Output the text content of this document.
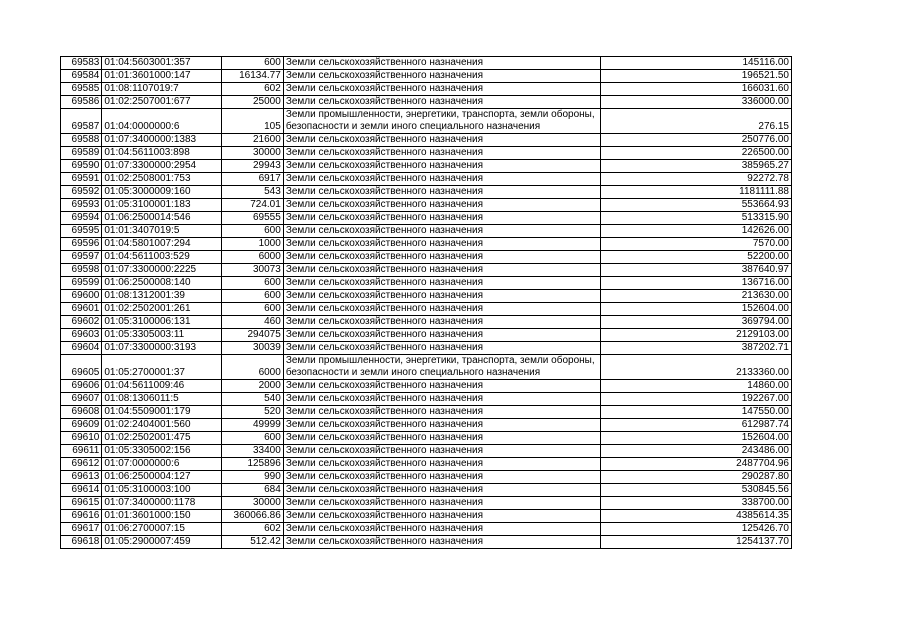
69583	01:04:5603001:357	600	Земли сельскохозяйственного назначения	145116.00
69584	01:01:3601000:147	16134.77	Земли сельскохозяйственного назначения	196521.50
69585	01:08:1107019:7	602	Земли сельскохозяйственного назначения	166031.60
69586	01:02:2507001:677	25000	Земли сельскохозяйственного назначения	336000.00
69587	01:04:0000000:6	105	Земли промышленности, энергетики, транспорта, земли обороны, безопасности и земли иного специального назначения	276.15
69588	01:07:3400000:1383	21600	Земли сельскохозяйственного назначения	250776.00
69589	01:04:5611003:898	30000	Земли сельскохозяйственного назначения	226500.00
69590	01:07:3300000:2954	29943	Земли сельскохозяйственного назначения	385965.27
69591	01:02:2508001:753	6917	Земли сельскохозяйственного назначения	92272.78
69592	01:05:3000009:160	543	Земли сельскохозяйственного назначения	1181111.88
69593	01:05:3100001:183	724.01	Земли сельскохозяйственного назначения	553664.93
69594	01:06:2500014:546	69555	Земли сельскохозяйственного назначения	513315.90
69595	01:01:3407019:5	600	Земли сельскохозяйственного назначения	142626.00
69596	01:04:5801007:294	1000	Земли сельскохозяйственного назначения	7570.00
69597	01:04:5611003:529	6000	Земли сельскохозяйственного назначения	52200.00
69598	01:07:3300000:2225	30073	Земли сельскохозяйственного назначения	387640.97
69599	01:06:2500008:140	600	Земли сельскохозяйственного назначения	136716.00
69600	01:08:1312001:39	600	Земли сельскохозяйственного назначения	213630.00
69601	01:02:2502001:261	600	Земли сельскохозяйственного назначения	152604.00
69602	01:05:3100006:131	460	Земли сельскохозяйственного назначения	369794.00
69603	01:05:3305003:11	294075	Земли сельскохозяйственного назначения	2129103.00
69604	01:07:3300000:3193	30039	Земли сельскохозяйственного назначения	387202.71
69605	01:05:2700001:37	6000	Земли промышленности, энергетики, транспорта, земли обороны, безопасности и земли иного специального назначения	2133360.00
69606	01:04:5611009:46	2000	Земли сельскохозяйственного назначения	14860.00
69607	01:08:1306011:5	540	Земли сельскохозяйственного назначения	192267.00
69608	01:04:5509001:179	520	Земли сельскохозяйственного назначения	147550.00
69609	01:02:2404001:560	49999	Земли сельскохозяйственного назначения	612987.74
69610	01:02:2502001:475	600	Земли сельскохозяйственного назначения	152604.00
69611	01:05:3305002:156	33400	Земли сельскохозяйственного назначения	243486.00
69612	01:07:0000000:6	125896	Земли сельскохозяйственного назначения	2487704.96
69613	01:06:2500004:127	990	Земли сельскохозяйственного назначения	290287.80
69614	01:05:3100003:100	684	Земли сельскохозяйственного назначения	530845.56
69615	01:07:3400000:1178	30000	Земли сельскохозяйственного назначения	338700.00
69616	01:01:3601000:150	360066.86	Земли сельскохозяйственного назначения	4385614.35
69617	01:06:2700007:15	602	Земли сельскохозяйственного назначения	125426.70
69618	01:05:2900007:459	512.42	Земли сельскохозяйственного назначения	1254137.70
